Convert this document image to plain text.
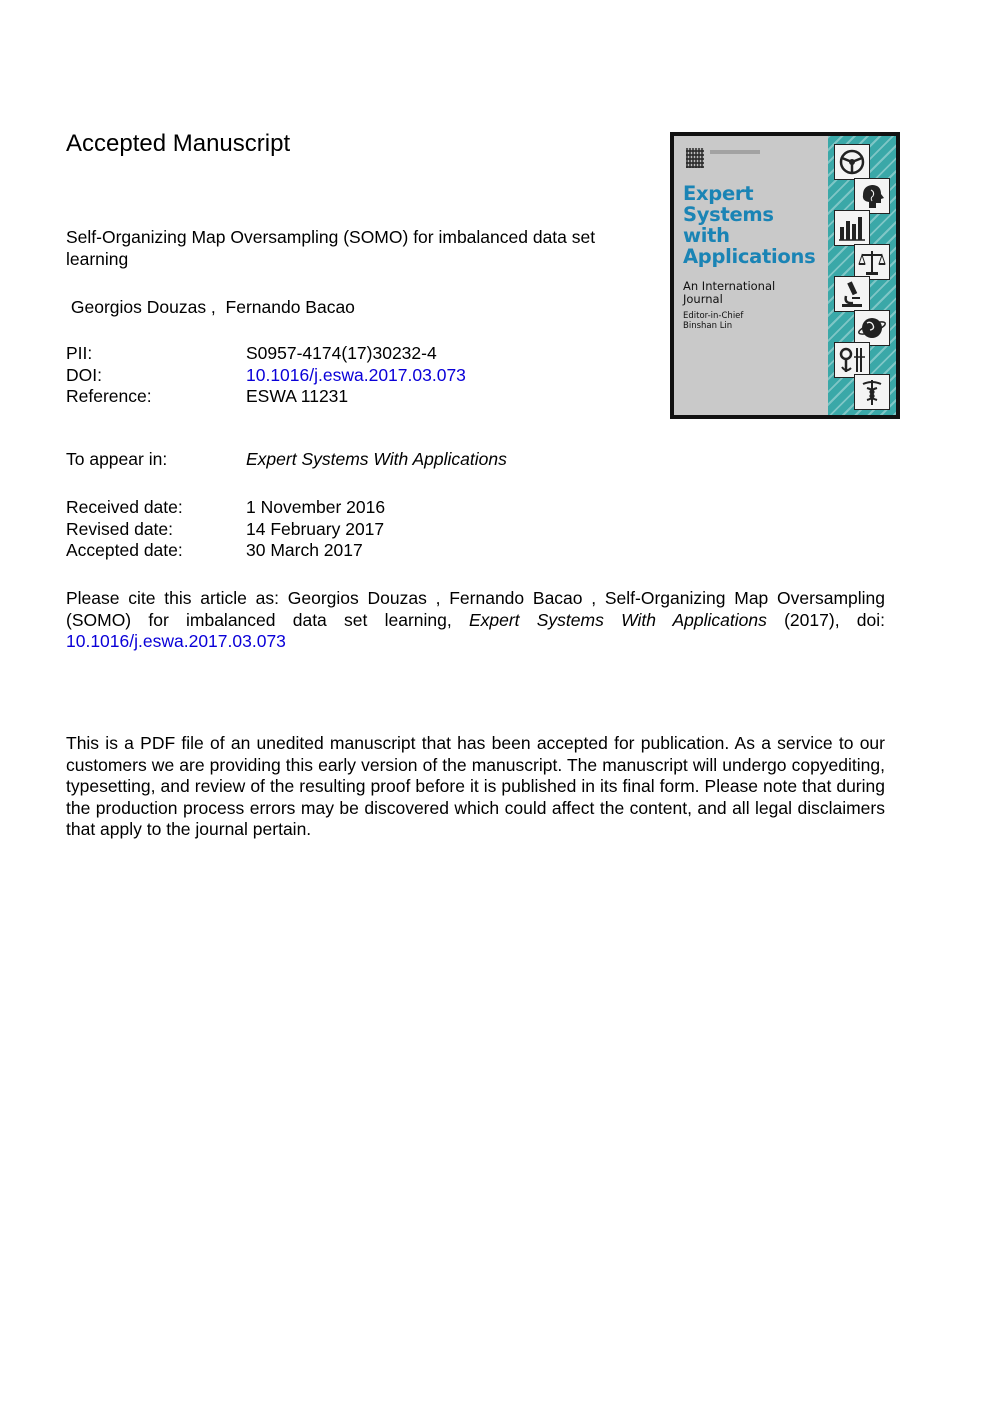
Accepted Manuscript
Self-Organizing Map Oversampling (SOMO) for imbalanced data set learning
Georgios Douzas ,  Fernando Bacao
PII:	S0957-4174(17)30232-4
DOI:	10.1016/j.eswa.2017.03.073
Reference:	ESWA 11231
To appear in:	Expert Systems With Applications
Received date:	1 November 2016
Revised date:	14 February 2017
Accepted date:	30 March 2017
Please cite this article as: Georgios Douzas , Fernando Bacao , Self-Organizing Map Oversampling (SOMO) for imbalanced data set learning, Expert Systems With Applications (2017), doi: 10.1016/j.eswa.2017.03.073
This is a PDF file of an unedited manuscript that has been accepted for publication. As a service to our customers we are providing this early version of the manuscript. The manuscript will undergo copyediting, typesetting, and review of the resulting proof before it is published in its final form. Please note that during the production process errors may be discovered which could affect the content, and all legal disclaimers that apply to the journal pertain.
Expert
Systems
with
Applications
An International
Journal
Editor-in-Chief
Binshan Lin
